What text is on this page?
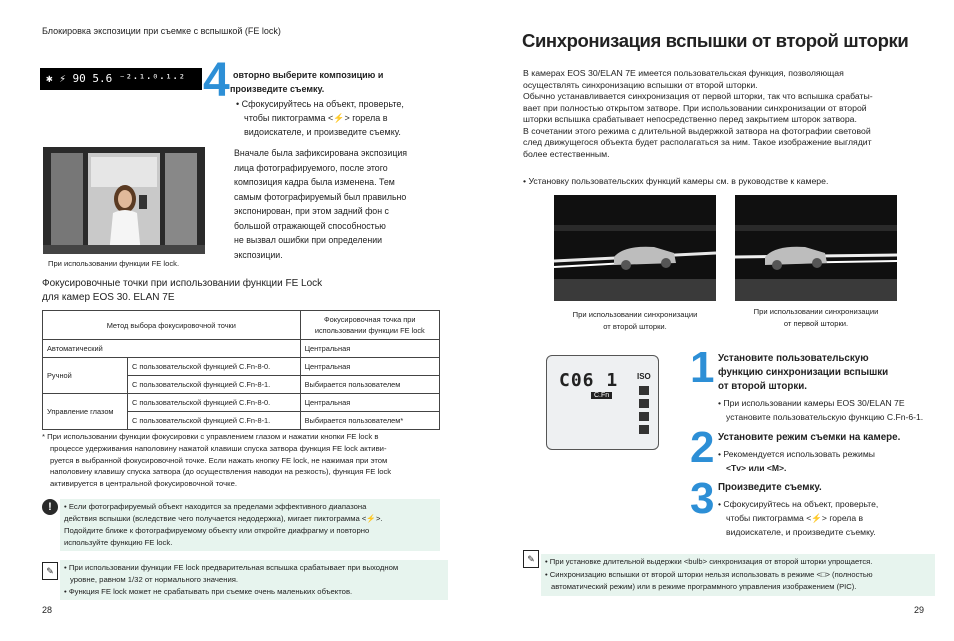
Блокировка экспозиции при съемке с вспышкой (FE lock)
✱ ⚡ 90 5.6 ⁻²·¹·⁰·¹·² 4 овторно выберите композицию и
произведите съемку.
• Сфокусируйтесь на объект, проверьте,
чтобы пиктограмма <⚡> горела в
видоискателе, и произведите съемку.
При использовании функции FE lock.
Вначале была зафиксирована экспозиция
лица фотографируемого, после этого
композиция кадра была изменена. Тем
самым фотографируемый был правильно
экспонирован, при этом задний фон с
большой отражающей способностью
не вызвал ошибки при определении
экспозиции.
Фокусировочные точки при использовании функции FE Lock
для камер EOS 30. ELAN 7E
Метод выбора фокусировочной точки		Фокусировочная точка при
использовании функции FE lock

Автоматический		Центральная
Ручной	С пользовательской функцией C.Fn-8-0.	Центральная
	С пользовательской функцией C.Fn-8-1.	Выбирается пользователем
Управление глазом	С пользовательской функцией C.Fn-8-0.	Центральная
	С пользовательской функцией C.Fn-8-1.	Выбирается пользователем*
* При использовании функции фокусировки с управлением глазом и нажатии кнопки FE lock в
процессе удерживания наполовину нажатой клавиши спуска затвора функция FE lock активи-
руется в выбранной фокусировочной точке. Если нажать кнопку FE lock, не нажимая при этом
наполовину клавишу спуска затвора (до осуществления наводки на резкость), функция FE lock
активируется в центральной фокусировочной точке.
!	• Если фотографируемый объект находится за пределами эффективного диапазона
действия вспышки (вследствие чего получается недодержка), мигает пиктограмма <⚡>.
Подойдите ближе к фотографируемому объекту или откройте диафрагму и повторно
используйте функцию FE lock.
✎	• При использовании функции FE lock предварительная вспышка срабатывает при выходном
уровне, равном 1/32 от нормального значения.
• Функция FE lock может не срабатывать при съемке очень маленьких объектов.
28
Синхронизация вспышки от второй шторки
В камерах EOS 30/ELAN 7E имеется пользовательская функция, позволяющая
осуществлять синхронизацию вспышки от второй шторки.
Обычно устанавливается синхронизация от первой шторки, так что вспышка срабаты-
вает при полностью открытом затворе. При использовании синхронизации от второй
шторки вспышка срабатывает непосредственно перед закрытием шторок затвора.
В сочетании этого режима с длительной выдержкой затвора на фотографии световой
след движущегося объекта будет располагаться за ним. Такое изображение выглядит
более естественным.
• Установку пользовательских функций камеры см. в руководстве к камере.
При использовании синхронизации
от второй шторки.
При использовании синхронизации
от первой шторки.
C06 1
C.Fn
ISO 1 Установите пользовательскую
функцию синхронизации вспышки
от второй шторки.
• При использовании камеры EOS 30/ELAN 7E
установите пользовательскую функцию C.Fn-6-1.
2 Установите режим съемки на камере.
• Рекомендуется использовать режимы
<Tv> или <M>.
3 Произведите съемку.
• Сфокусируйтесь на объект, проверьте,
чтобы пиктограмма <⚡> горела в
видоискателе, и произведите съемку.
✎	• При установке длительной выдержки <bulb> синхронизация от второй шторки упрощается.
• Синхронизацию вспышки от второй шторки нельзя использовать в режиме <□> (полностью
автоматический режим) или в режиме программного управления изображением (PIC).
29
